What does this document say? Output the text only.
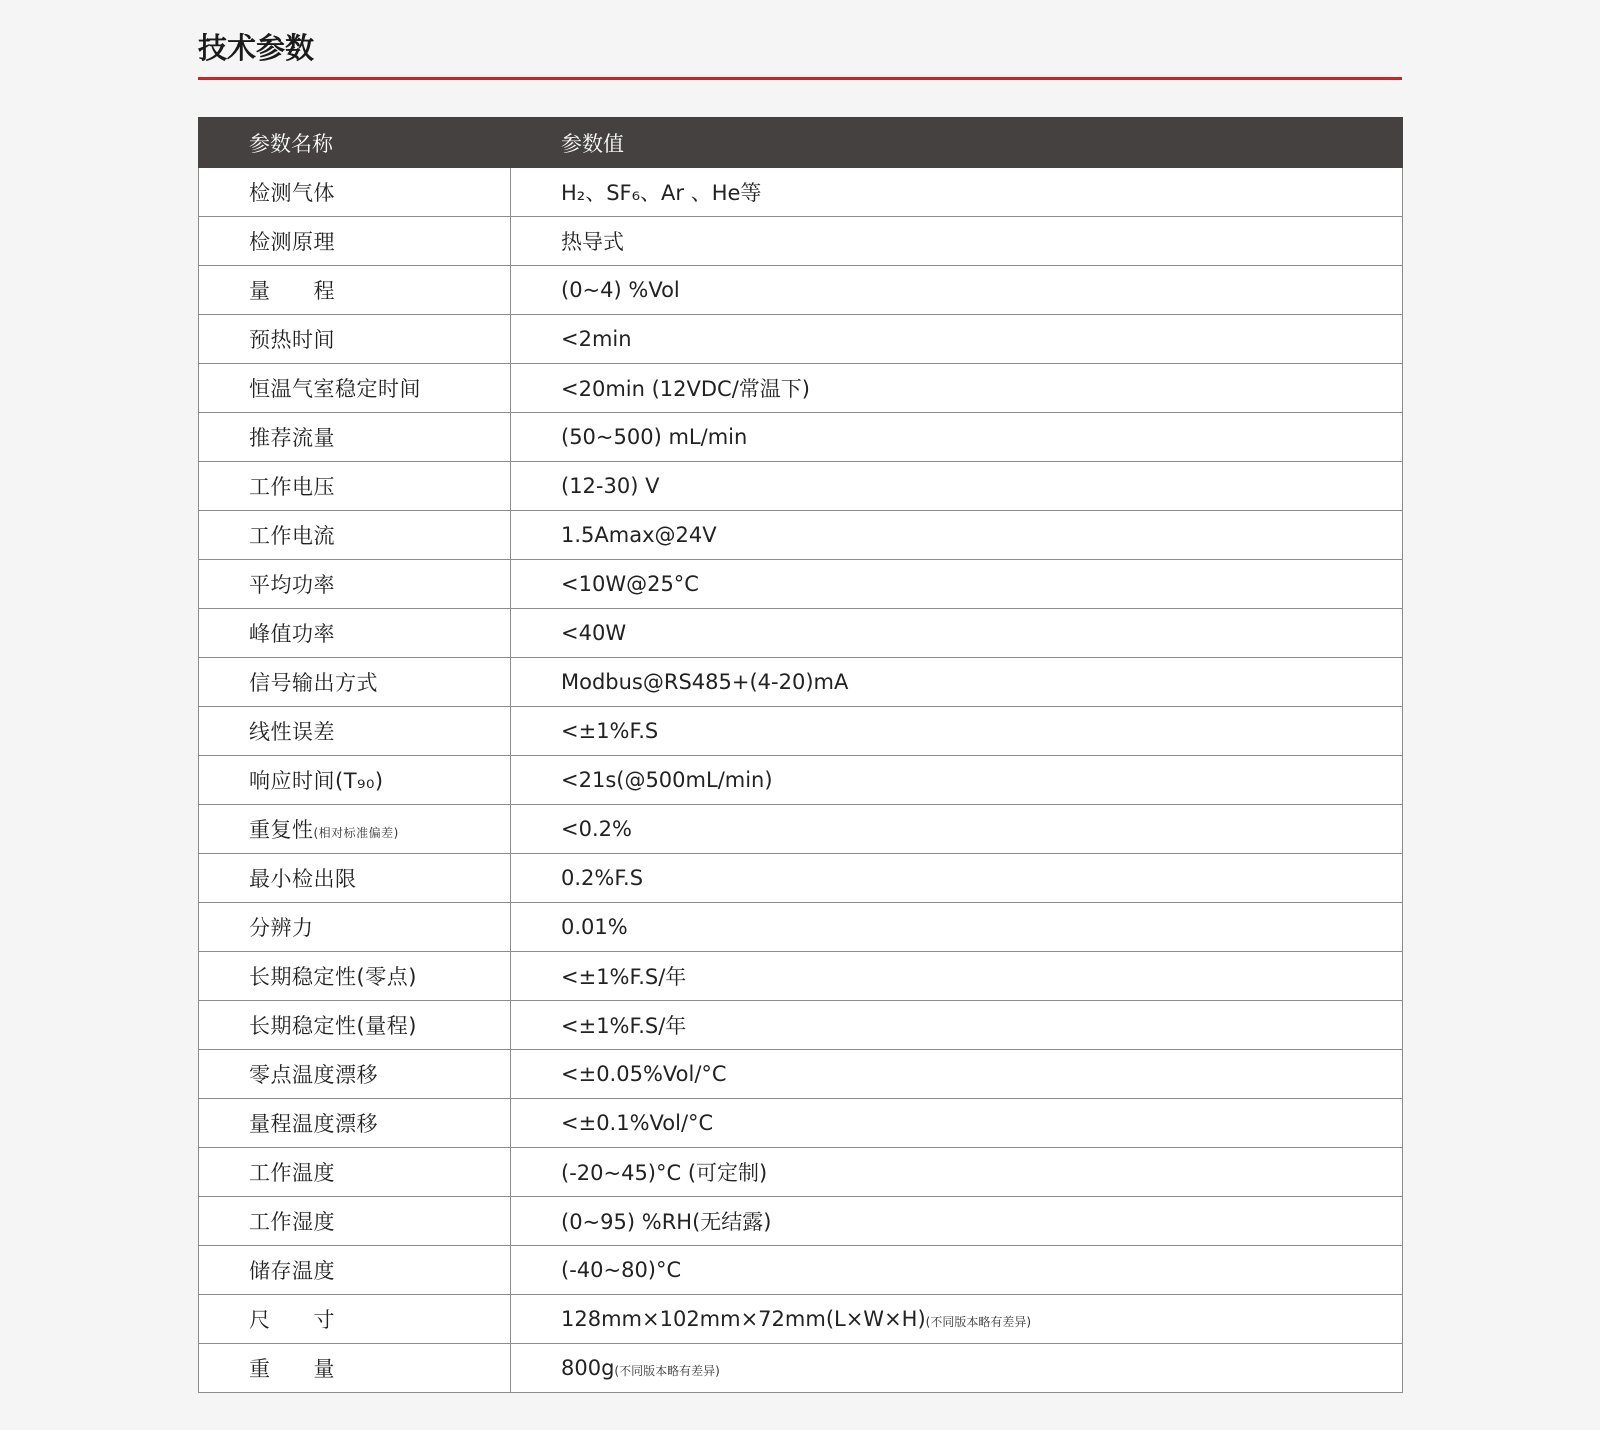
技术参数
参数名称	参数值
检测气体	H₂、SF₆、Ar 、He等
检测原理	热导式
量　　程	(0~4) %Vol
预热时间	<2min
恒温气室稳定时间	<20min (12VDC/常温下)
推荐流量	(50~500) mL/min
工作电压	(12-30) V
工作电流	1.5Amax@24V
平均功率	<10W@25°C
峰值功率	<40W
信号输出方式	Modbus@RS485+(4-20)mA
线性误差	<±1%F.S
响应时间(T₉₀)	<21s(@500mL/min)
重复性(相对标准偏差)	<0.2%
最小检出限	0.2%F.S
分辨力	0.01%
长期稳定性(零点)	<±1%F.S/年
长期稳定性(量程)	<±1%F.S/年
零点温度漂移	<±0.05%Vol/°C
量程温度漂移	<±0.1%Vol/°C
工作温度	(-20~45)°C (可定制)
工作湿度	(0~95) %RH(无结露)
储存温度	(-40~80)°C
尺　　寸	128mm×102mm×72mm(L×W×H)(不同版本略有差异)
重　　量	800g(不同版本略有差异)
